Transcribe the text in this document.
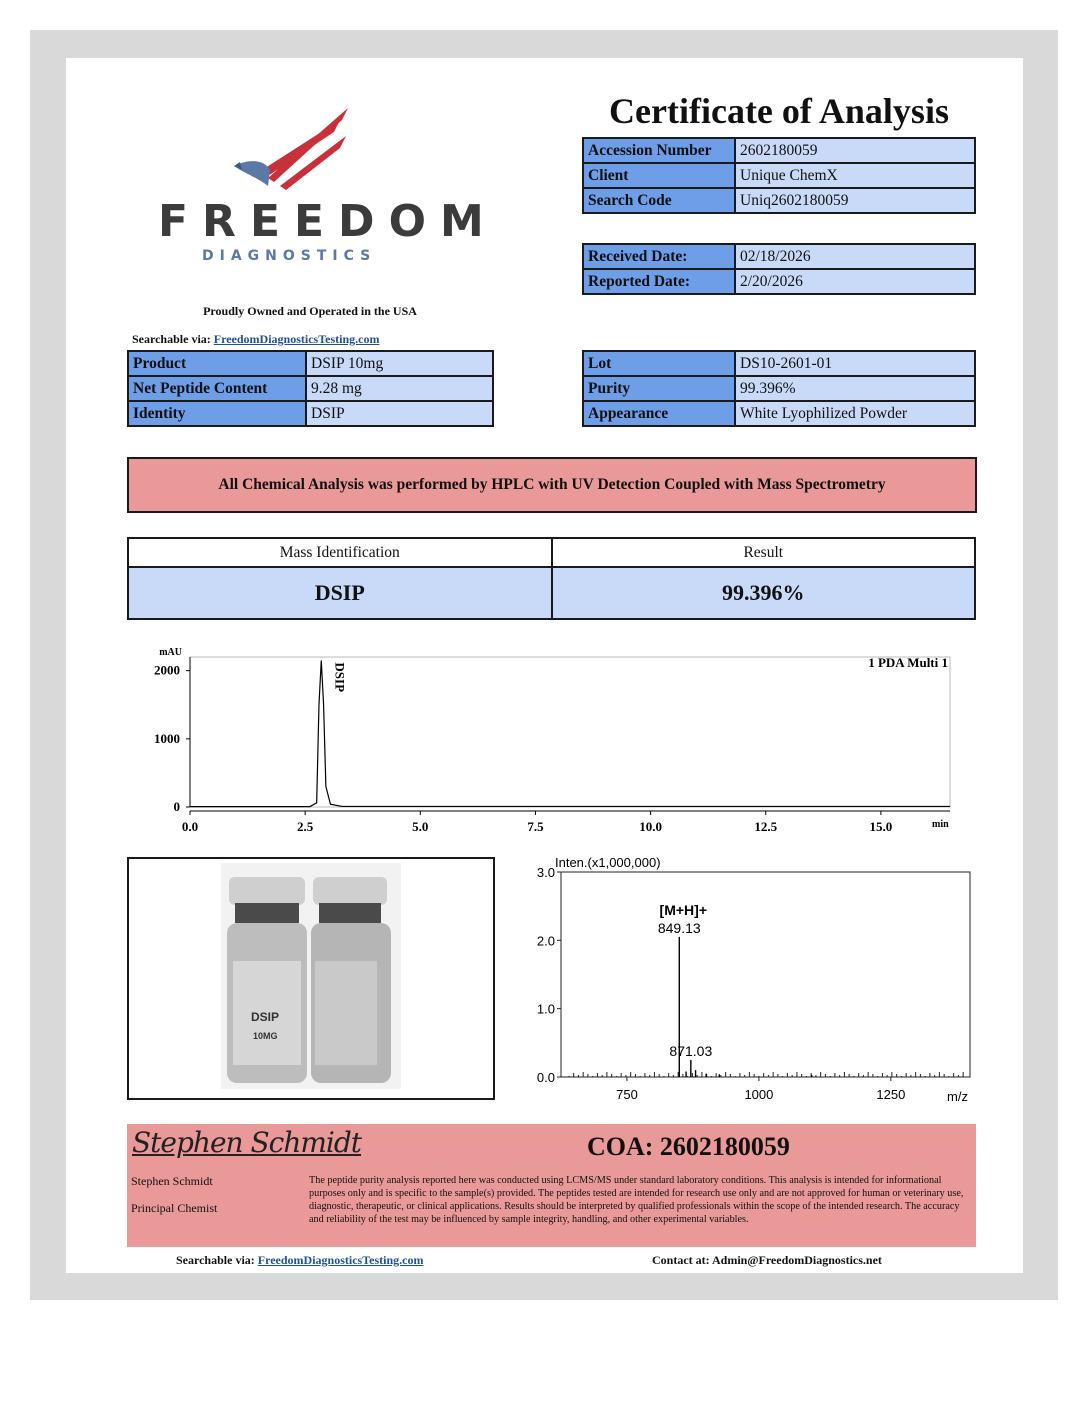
FREEDOM
DIAGNOSTICS
Proudly Owned and Operated in the USA
Searchable via: FreedomDiagnosticsTesting.com
Certificate of Analysis
Accession Number	2602180059
Client	Unique ChemX
Search Code	Uniq2602180059
Received Date:	02/18/2026
Reported Date:	2/20/2026
Product	DSIP 10mg
Net Peptide Content	9.28 mg
Identity	DSIP
Lot	DS10-2601-01
Purity	99.396%
Appearance	White Lyophilized Powder
All Chemical Analysis was performed by HPLC with UV Detection Coupled with Mass Spectrometry
Mass Identification	Result
DSIP	99.396%
0
1000
2000
0.0	2.5	5.0	7.5	10.0	12.5	15.0
mAU
min
1 PDA Multi 1
DSIP
DSIP
10MG
Inten.(x1,000,000)
0.0
1.0
2.0
3.0
750	1000	1250	m/z
849.13
871.03
[M+H]+
Stephen Schmidt	COA: 2602180059
Stephen Schmidt
Principal Chemist
The peptide purity analysis reported here was conducted using LCMS/MS under standard laboratory conditions. This analysis is intended for informational purposes only and is specific to the sample(s) provided. The peptides tested are intended for research use only and are not approved for human or veterinary use, diagnostic, therapeutic, or clinical applications. Results should be interpreted by qualified professionals within the scope of the intended research. The accuracy and reliability of the test may be influenced by sample integrity, handling, and other experimental variables.
Searchable via: FreedomDiagnosticsTesting.com	Contact at: Admin@FreedomDiagnostics.net
